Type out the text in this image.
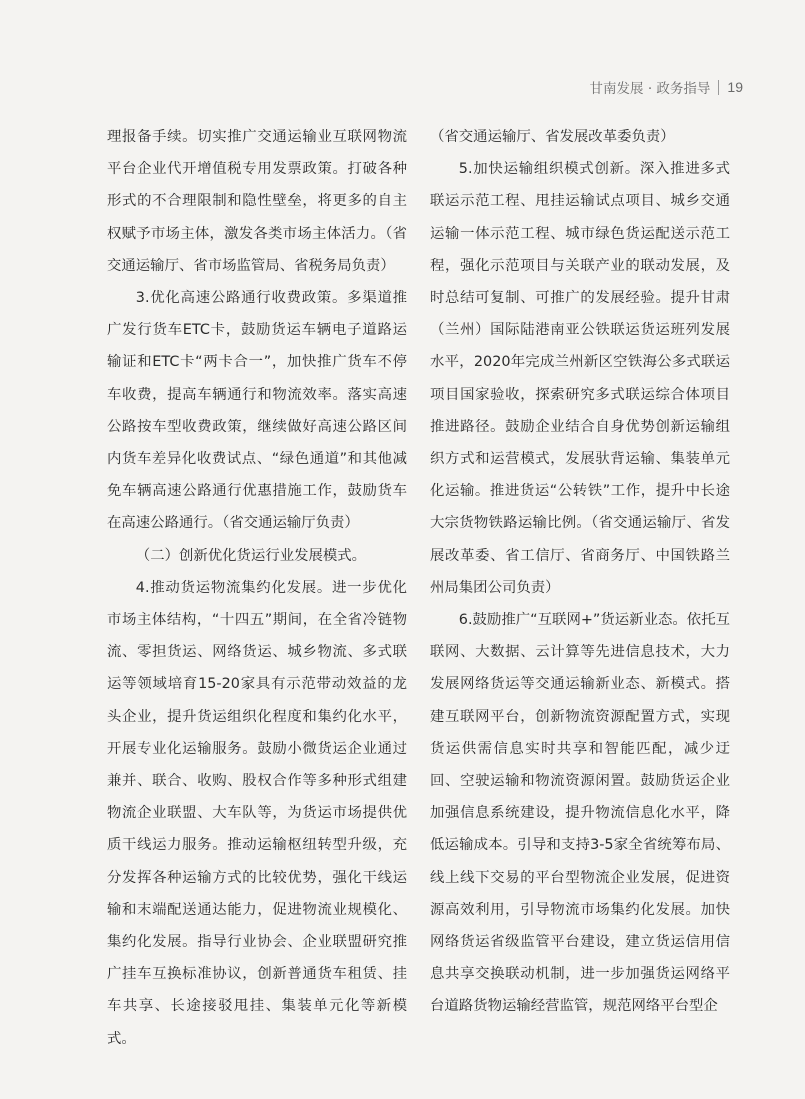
甘南发展 · 政务指导 19

理报备手续。切实推广交通运输业互联网物流平台企业代开增值税专用发票政策。打破各种形式的不合理限制和隐性壁垒，将更多的自主权赋予市场主体，激发各类市场主体活力。（省交通运输厅、省市场监管局、省税务局负责）

3.优化高速公路通行收费政策。多渠道推广发行货车ETC卡，鼓励货运车辆电子道路运输证和ETC卡“两卡合一”，加快推广货车不停车收费，提高车辆通行和物流效率。落实高速公路按车型收费政策，继续做好高速公路区间内货车差异化收费试点、“绿色通道”和其他减免车辆高速公路通行优惠措施工作，鼓励货车在高速公路通行。（省交通运输厅负责）

（二）创新优化货运行业发展模式。

4.推动货运物流集约化发展。进一步优化市场主体结构，“十四五”期间，在全省冷链物流、零担货运、网络货运、城乡物流、多式联运等领域培育15-20家具有示范带动效益的龙头企业，提升货运组织化程度和集约化水平，开展专业化运输服务。鼓励小微货运企业通过兼并、联合、收购、股权合作等多种形式组建物流企业联盟、大车队等，为货运市场提供优质干线运力服务。推动运输枢纽转型升级，充分发挥各种运输方式的比较优势，强化干线运输和末端配送通达能力，促进物流业规模化、集约化发展。指导行业协会、企业联盟研究推广挂车互换标准协议，创新普通货车租赁、挂车共享、长途接驳甩挂、集装单元化等新模式。

（省交通运输厅、省发展改革委负责）

5.加快运输组织模式创新。深入推进多式联运示范工程、甩挂运输试点项目、城乡交通运输一体示范工程、城市绿色货运配送示范工程，强化示范项目与关联产业的联动发展，及时总结可复制、可推广的发展经验。提升甘肃（兰州）国际陆港南亚公铁联运货运班列发展水平，2020年完成兰州新区空铁海公多式联运项目国家验收，探索研究多式联运综合体项目推进路径。鼓励企业结合自身优势创新运输组织方式和运营模式，发展驮背运输、集装单元化运输。推进货运“公转铁”工作，提升中长途大宗货物铁路运输比例。（省交通运输厅、省发展改革委、省工信厅、省商务厅、中国铁路兰州局集团公司负责）

6.鼓励推广“互联网+”货运新业态。依托互联网、大数据、云计算等先进信息技术，大力发展网络货运等交通运输新业态、新模式。搭建互联网平台，创新物流资源配置方式，实现货运供需信息实时共享和智能匹配，减少迂回、空驶运输和物流资源闲置。鼓励货运企业加强信息系统建设，提升物流信息化水平，降低运输成本。引导和支持3-5家全省统筹布局、线上线下交易的平台型物流企业发展，促进资源高效利用，引导物流市场集约化发展。加快网络货运省级监管平台建设，建立货运信用信息共享交换联动机制，进一步加强货运网络平台道路货物运输经营监管，规范网络平台型企
